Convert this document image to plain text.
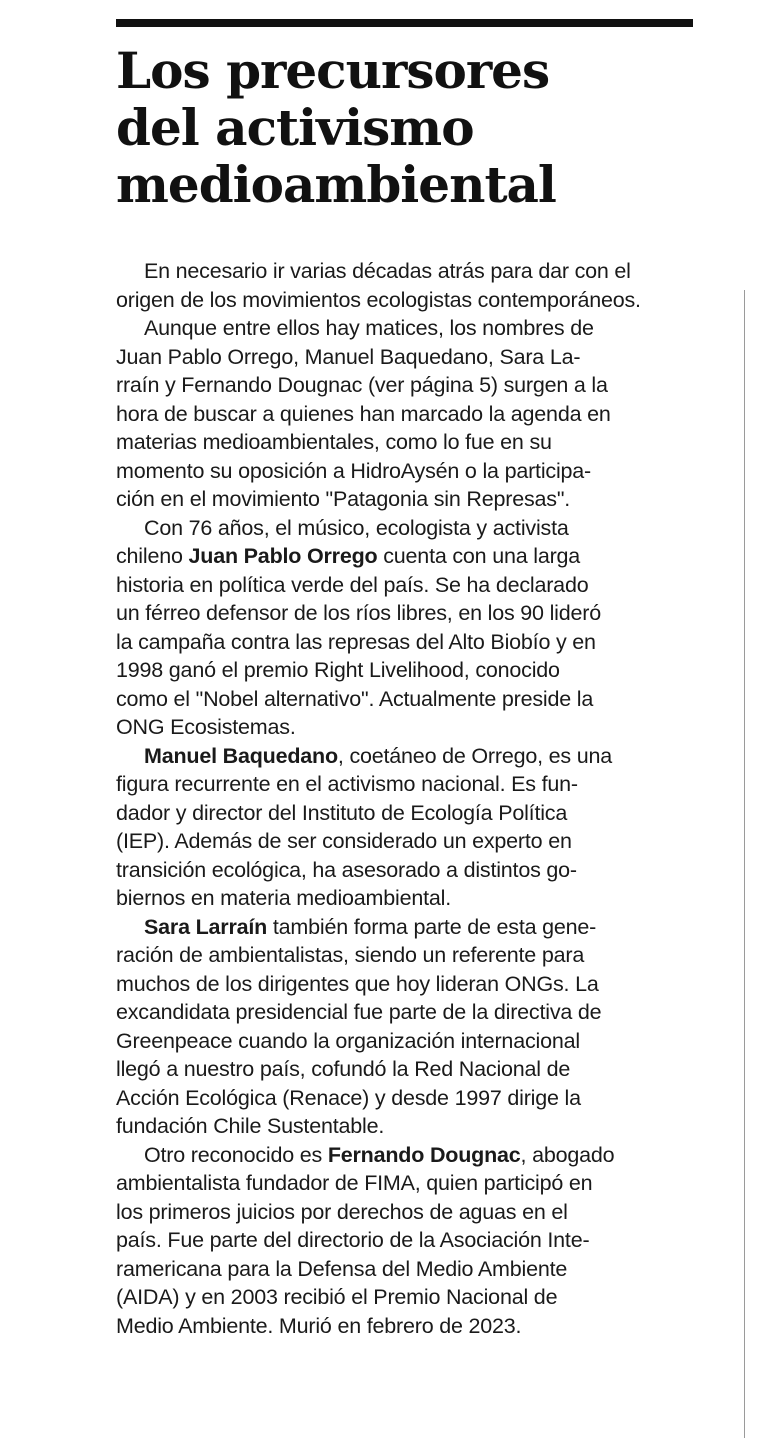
Los precursores
del activismo
medioambiental

En necesario ir varias décadas atrás para dar con el
origen de los movimientos ecologistas contemporáneos.

Aunque entre ellos hay matices, los nombres de
Juan Pablo Orrego, Manuel Baquedano, Sara La-
rraín y Fernando Dougnac (ver página 5) surgen a la
hora de buscar a quienes han marcado la agenda en
materias medioambientales, como lo fue en su
momento su oposición a HidroAysén o la participa-
ción en el movimiento "Patagonia sin Represas".

Con 76 años, el músico, ecologista y activista
chileno Juan Pablo Orrego cuenta con una larga
historia en política verde del país. Se ha declarado
un férreo defensor de los ríos libres, en los 90 lideró
la campaña contra las represas del Alto Biobío y en
1998 ganó el premio Right Livelihood, conocido
como el "Nobel alternativo". Actualmente preside la
ONG Ecosistemas.

Manuel Baquedano, coetáneo de Orrego, es una
figura recurrente en el activismo nacional. Es fun-
dador y director del Instituto de Ecología Política
(IEP). Además de ser considerado un experto en
transición ecológica, ha asesorado a distintos go-
biernos en materia medioambiental.

Sara Larraín también forma parte de esta gene-
ración de ambientalistas, siendo un referente para
muchos de los dirigentes que hoy lideran ONGs. La
excandidata presidencial fue parte de la directiva de
Greenpeace cuando la organización internacional
llegó a nuestro país, cofundó la Red Nacional de
Acción Ecológica (Renace) y desde 1997 dirige la
fundación Chile Sustentable.

Otro reconocido es Fernando Dougnac, abogado
ambientalista fundador de FIMA, quien participó en
los primeros juicios por derechos de aguas en el
país. Fue parte del directorio de la Asociación Inte-
ramericana para la Defensa del Medio Ambiente
(AIDA) y en 2003 recibió el Premio Nacional de
Medio Ambiente. Murió en febrero de 2023.
